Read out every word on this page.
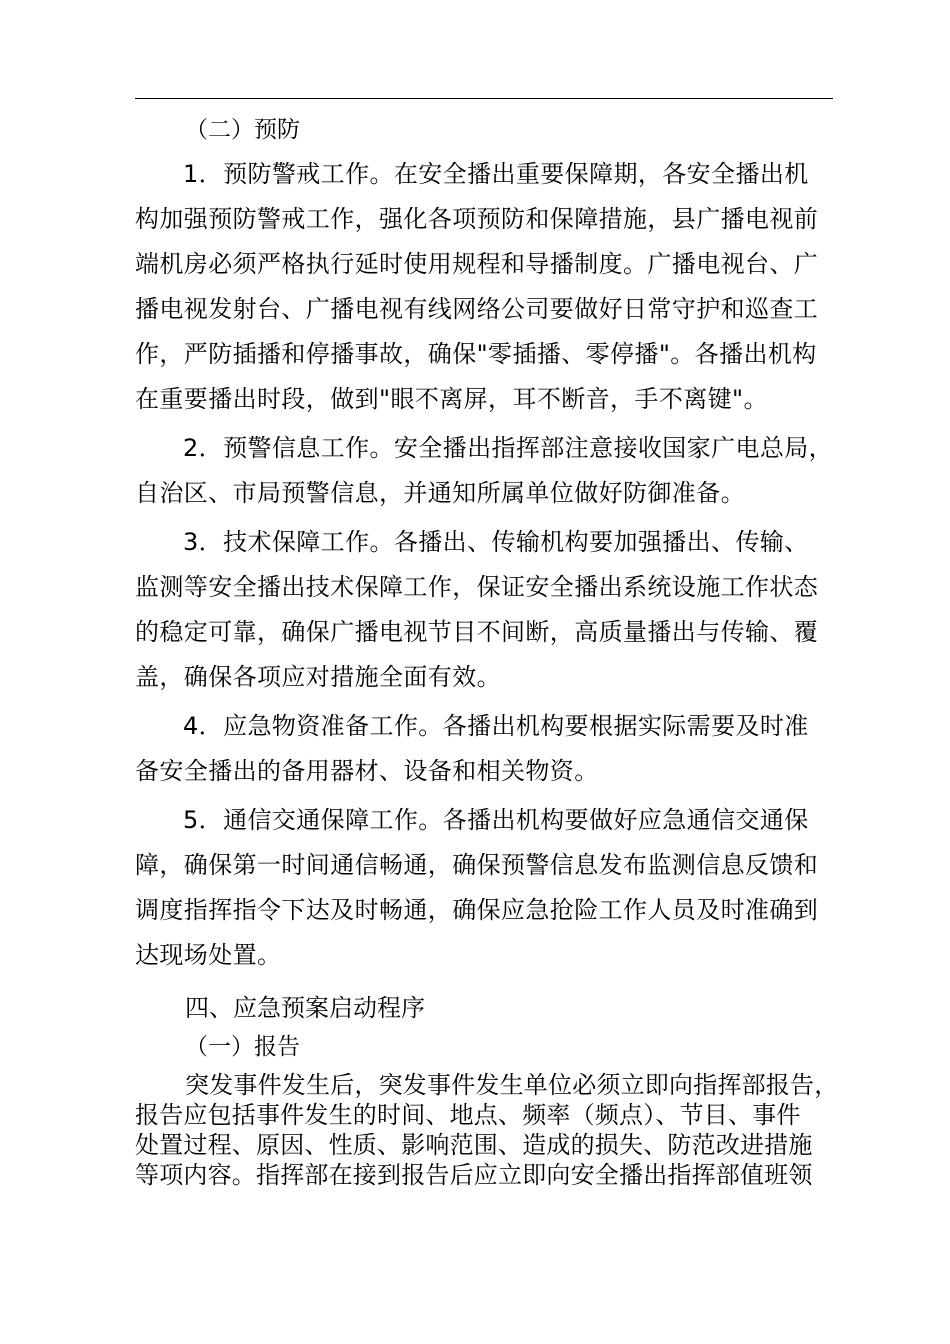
（二）预防
1．预防警戒工作。在安全播出重要保障期，各安全播出机
构加强预防警戒工作，强化各项预防和保障措施，县广播电视前
端机房必须严格执行延时使用规程和导播制度。广播电视台、广
播电视发射台、广播电视有线网络公司要做好日常守护和巡查工
作，严防插播和停播事故，确保"零插播、零停播"。各播出机构
在重要播出时段，做到"眼不离屏，耳不断音，手不离键"。
2．预警信息工作。安全播出指挥部注意接收国家广电总局，
自治区、市局预警信息，并通知所属单位做好防御准备。
3．技术保障工作。各播出、传输机构要加强播出、传输、
监测等安全播出技术保障工作，保证安全播出系统设施工作状态
的稳定可靠，确保广播电视节目不间断，高质量播出与传输、覆
盖，确保各项应对措施全面有效。
4．应急物资准备工作。各播出机构要根据实际需要及时准
备安全播出的备用器材、设备和相关物资。
5．通信交通保障工作。各播出机构要做好应急通信交通保
障，确保第一时间通信畅通，确保预警信息发布监测信息反馈和
调度指挥指令下达及时畅通，确保应急抢险工作人员及时准确到
达现场处置。
四、应急预案启动程序
（一）报告
突发事件发生后，突发事件发生单位必须立即向指挥部报告，
报告应包括事件发生的时间、地点、频率（频点）、节目、事件
处置过程、原因、性质、影响范围、造成的损失、防范改进措施
等项内容。指挥部在接到报告后应立即向安全播出指挥部值班领
